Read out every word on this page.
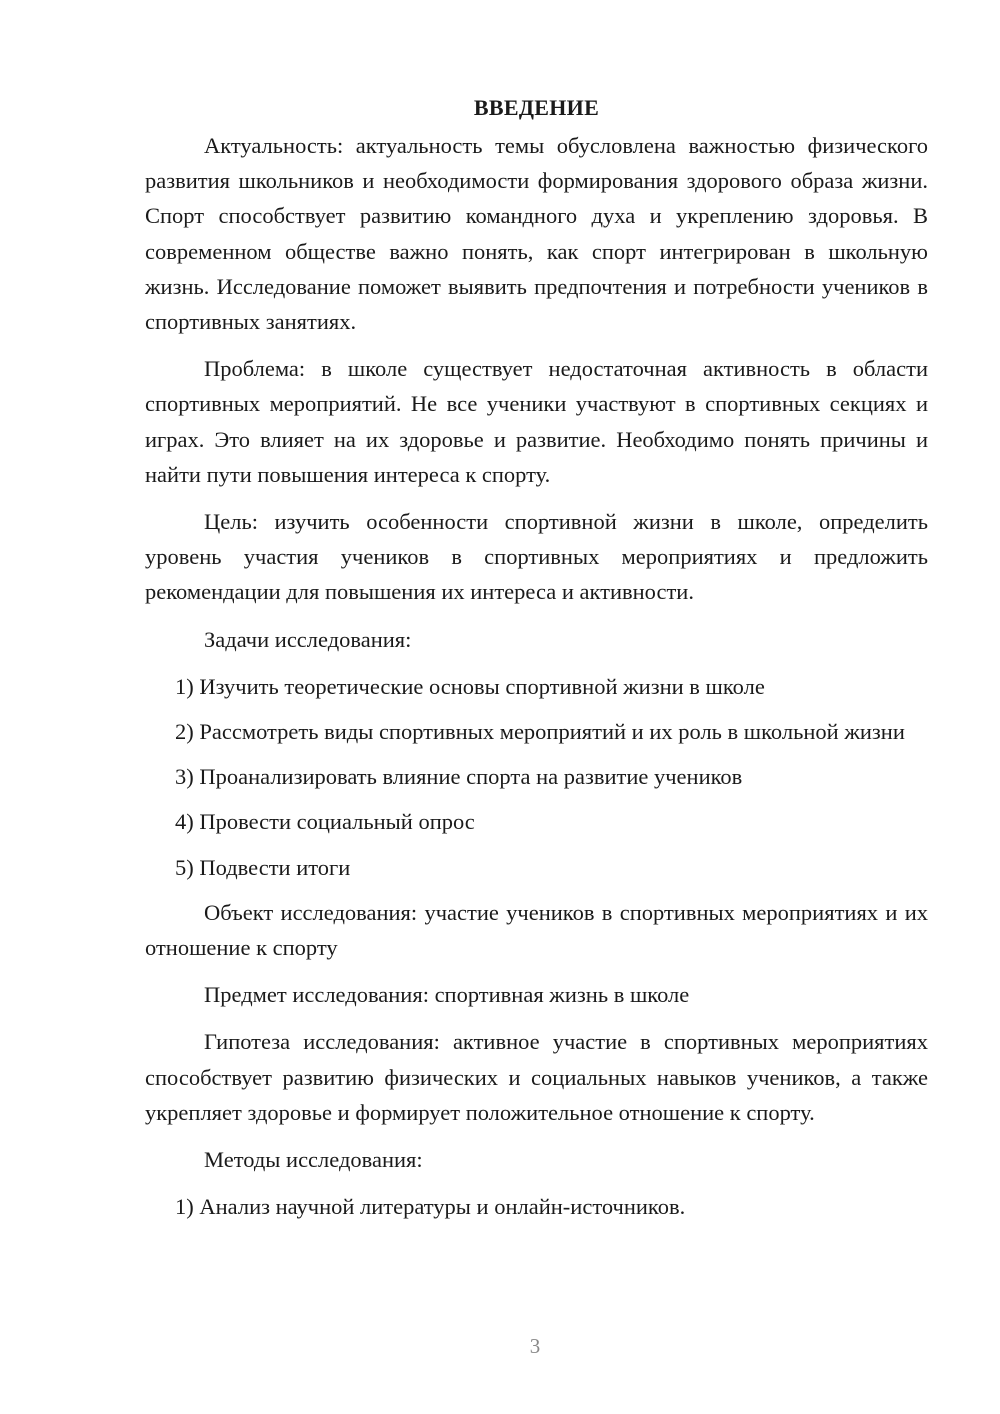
ВВЕДЕНИЕ

Актуальность: актуальность темы обусловлена важностью физического развития школьников и необходимости формирования здорового образа жизни. Спорт способствует развитию командного духа и укреплению здоровья. В современном обществе важно понять, как спорт интегрирован в школьную жизнь. Исследование поможет выявить предпочтения и потребности учеников в спортивных занятиях.

Проблема: в школе существует недостаточная активность в области спортивных мероприятий. Не все ученики участвуют в спортивных секциях и играх. Это влияет на их здоровье и развитие. Необходимо понять причины и найти пути повышения интереса к спорту.

Цель: изучить особенности спортивной жизни в школе, определить уровень участия учеников в спортивных мероприятиях и предложить рекомендации для повышения их интереса и активности.

Задачи исследования:

1) Изучить теоретические основы спортивной жизни в школе

2) Рассмотреть виды спортивных мероприятий и их роль в школьной жизни

3) Проанализировать влияние спорта на развитие учеников

4) Провести социальный опрос

5) Подвести итоги

Объект исследования: участие учеников в спортивных мероприятиях и их отношение к спорту

Предмет исследования: спортивная жизнь в школе

Гипотеза исследования: активное участие в спортивных мероприятиях способствует развитию физических и социальных навыков учеников, а также укрепляет здоровье и формирует положительное отношение к спорту.

Методы исследования:

1) Анализ научной литературы и онлайн-источников.

3
